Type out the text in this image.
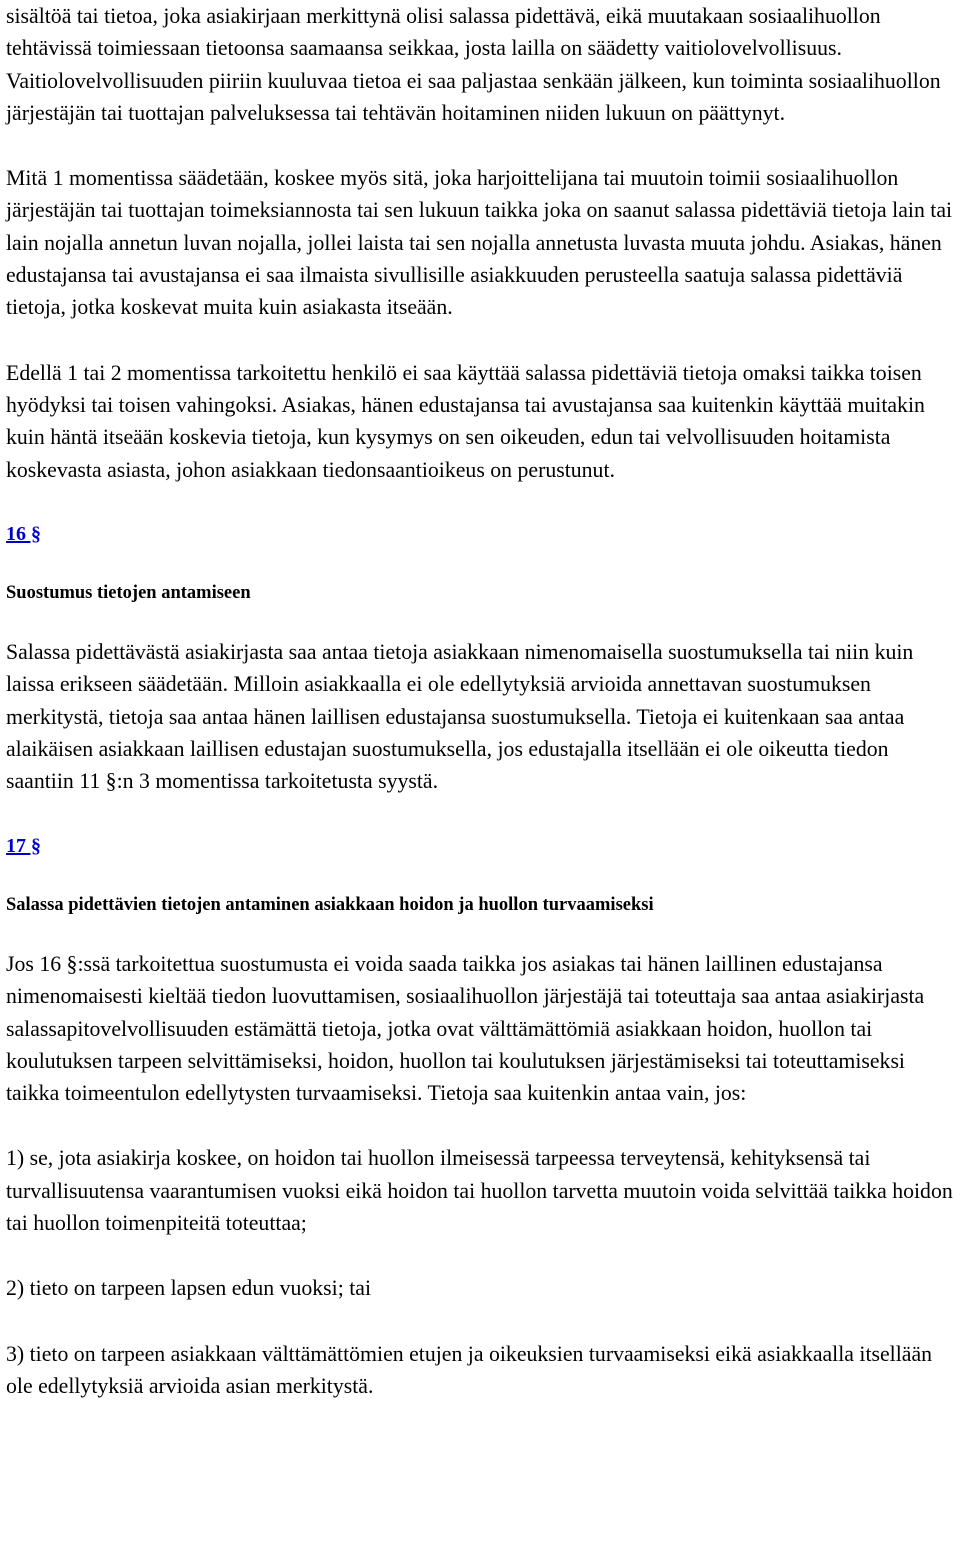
sisältöä tai tietoa, joka asiakirjaan merkittynä olisi salassa pidettävä, eikä muutakaan sosiaalihuollon tehtävissä toimiessaan tietoonsa saamaansa seikkaa, josta lailla on säädetty vaitiolovelvollisuus. Vaitiolovelvollisuuden piiriin kuuluvaa tietoa ei saa paljastaa senkään jälkeen, kun toiminta sosiaalihuollon järjestäjän tai tuottajan palveluksessa tai tehtävän hoitaminen niiden lukuun on päättynyt.

Mitä 1 momentissa säädetään, koskee myös sitä, joka harjoittelijana tai muutoin toimii sosiaalihuollon järjestäjän tai tuottajan toimeksiannosta tai sen lukuun taikka joka on saanut salassa pidettäviä tietoja lain tai lain nojalla annetun luvan nojalla, jollei laista tai sen nojalla annetusta luvasta muuta johdu. Asiakas, hänen edustajansa tai avustajansa ei saa ilmaista sivullisille asiakkuuden perusteella saatuja salassa pidettäviä tietoja, jotka koskevat muita kuin asiakasta itseään.

Edellä 1 tai 2 momentissa tarkoitettu henkilö ei saa käyttää salassa pidettäviä tietoja omaksi taikka toisen hyödyksi tai toisen vahingoksi. Asiakas, hänen edustajansa tai avustajansa saa kuitenkin käyttää muitakin kuin häntä itseään koskevia tietoja, kun kysymys on sen oikeuden, edun tai velvollisuuden hoitamista koskevasta asiasta, johon asiakkaan tiedonsaantioikeus on perustunut.

16 §

Suostumus tietojen antamiseen

Salassa pidettävästä asiakirjasta saa antaa tietoja asiakkaan nimenomaisella suostumuksella tai niin kuin laissa erikseen säädetään. Milloin asiakkaalla ei ole edellytyksiä arvioida annettavan suostumuksen merkitystä, tietoja saa antaa hänen laillisen edustajansa suostumuksella. Tietoja ei kuitenkaan saa antaa alaikäisen asiakkaan laillisen edustajan suostumuksella, jos edustajalla itsellään ei ole oikeutta tiedon saantiin 11 §:n 3 momentissa tarkoitetusta syystä.

17 §

Salassa pidettävien tietojen antaminen asiakkaan hoidon ja huollon turvaamiseksi

Jos 16 §:ssä tarkoitettua suostumusta ei voida saada taikka jos asiakas tai hänen laillinen edustajansa nimenomaisesti kieltää tiedon luovuttamisen, sosiaalihuollon järjestäjä tai toteuttaja saa antaa asiakirjasta salassapitovelvollisuuden estämättä tietoja, jotka ovat välttämättömiä asiakkaan hoidon, huollon tai koulutuksen tarpeen selvittämiseksi, hoidon, huollon tai koulutuksen järjestämiseksi tai toteuttamiseksi taikka toimeentulon edellytysten turvaamiseksi. Tietoja saa kuitenkin antaa vain, jos:

1) se, jota asiakirja koskee, on hoidon tai huollon ilmeisessä tarpeessa terveytensä, kehityksensä tai turvallisuutensa vaarantumisen vuoksi eikä hoidon tai huollon tarvetta muutoin voida selvittää taikka hoidon tai huollon toimenpiteitä toteuttaa;

2) tieto on tarpeen lapsen edun vuoksi; tai

3) tieto on tarpeen asiakkaan välttämättömien etujen ja oikeuksien turvaamiseksi eikä asiakkaalla itsellään ole edellytyksiä arvioida asian merkitystä.
